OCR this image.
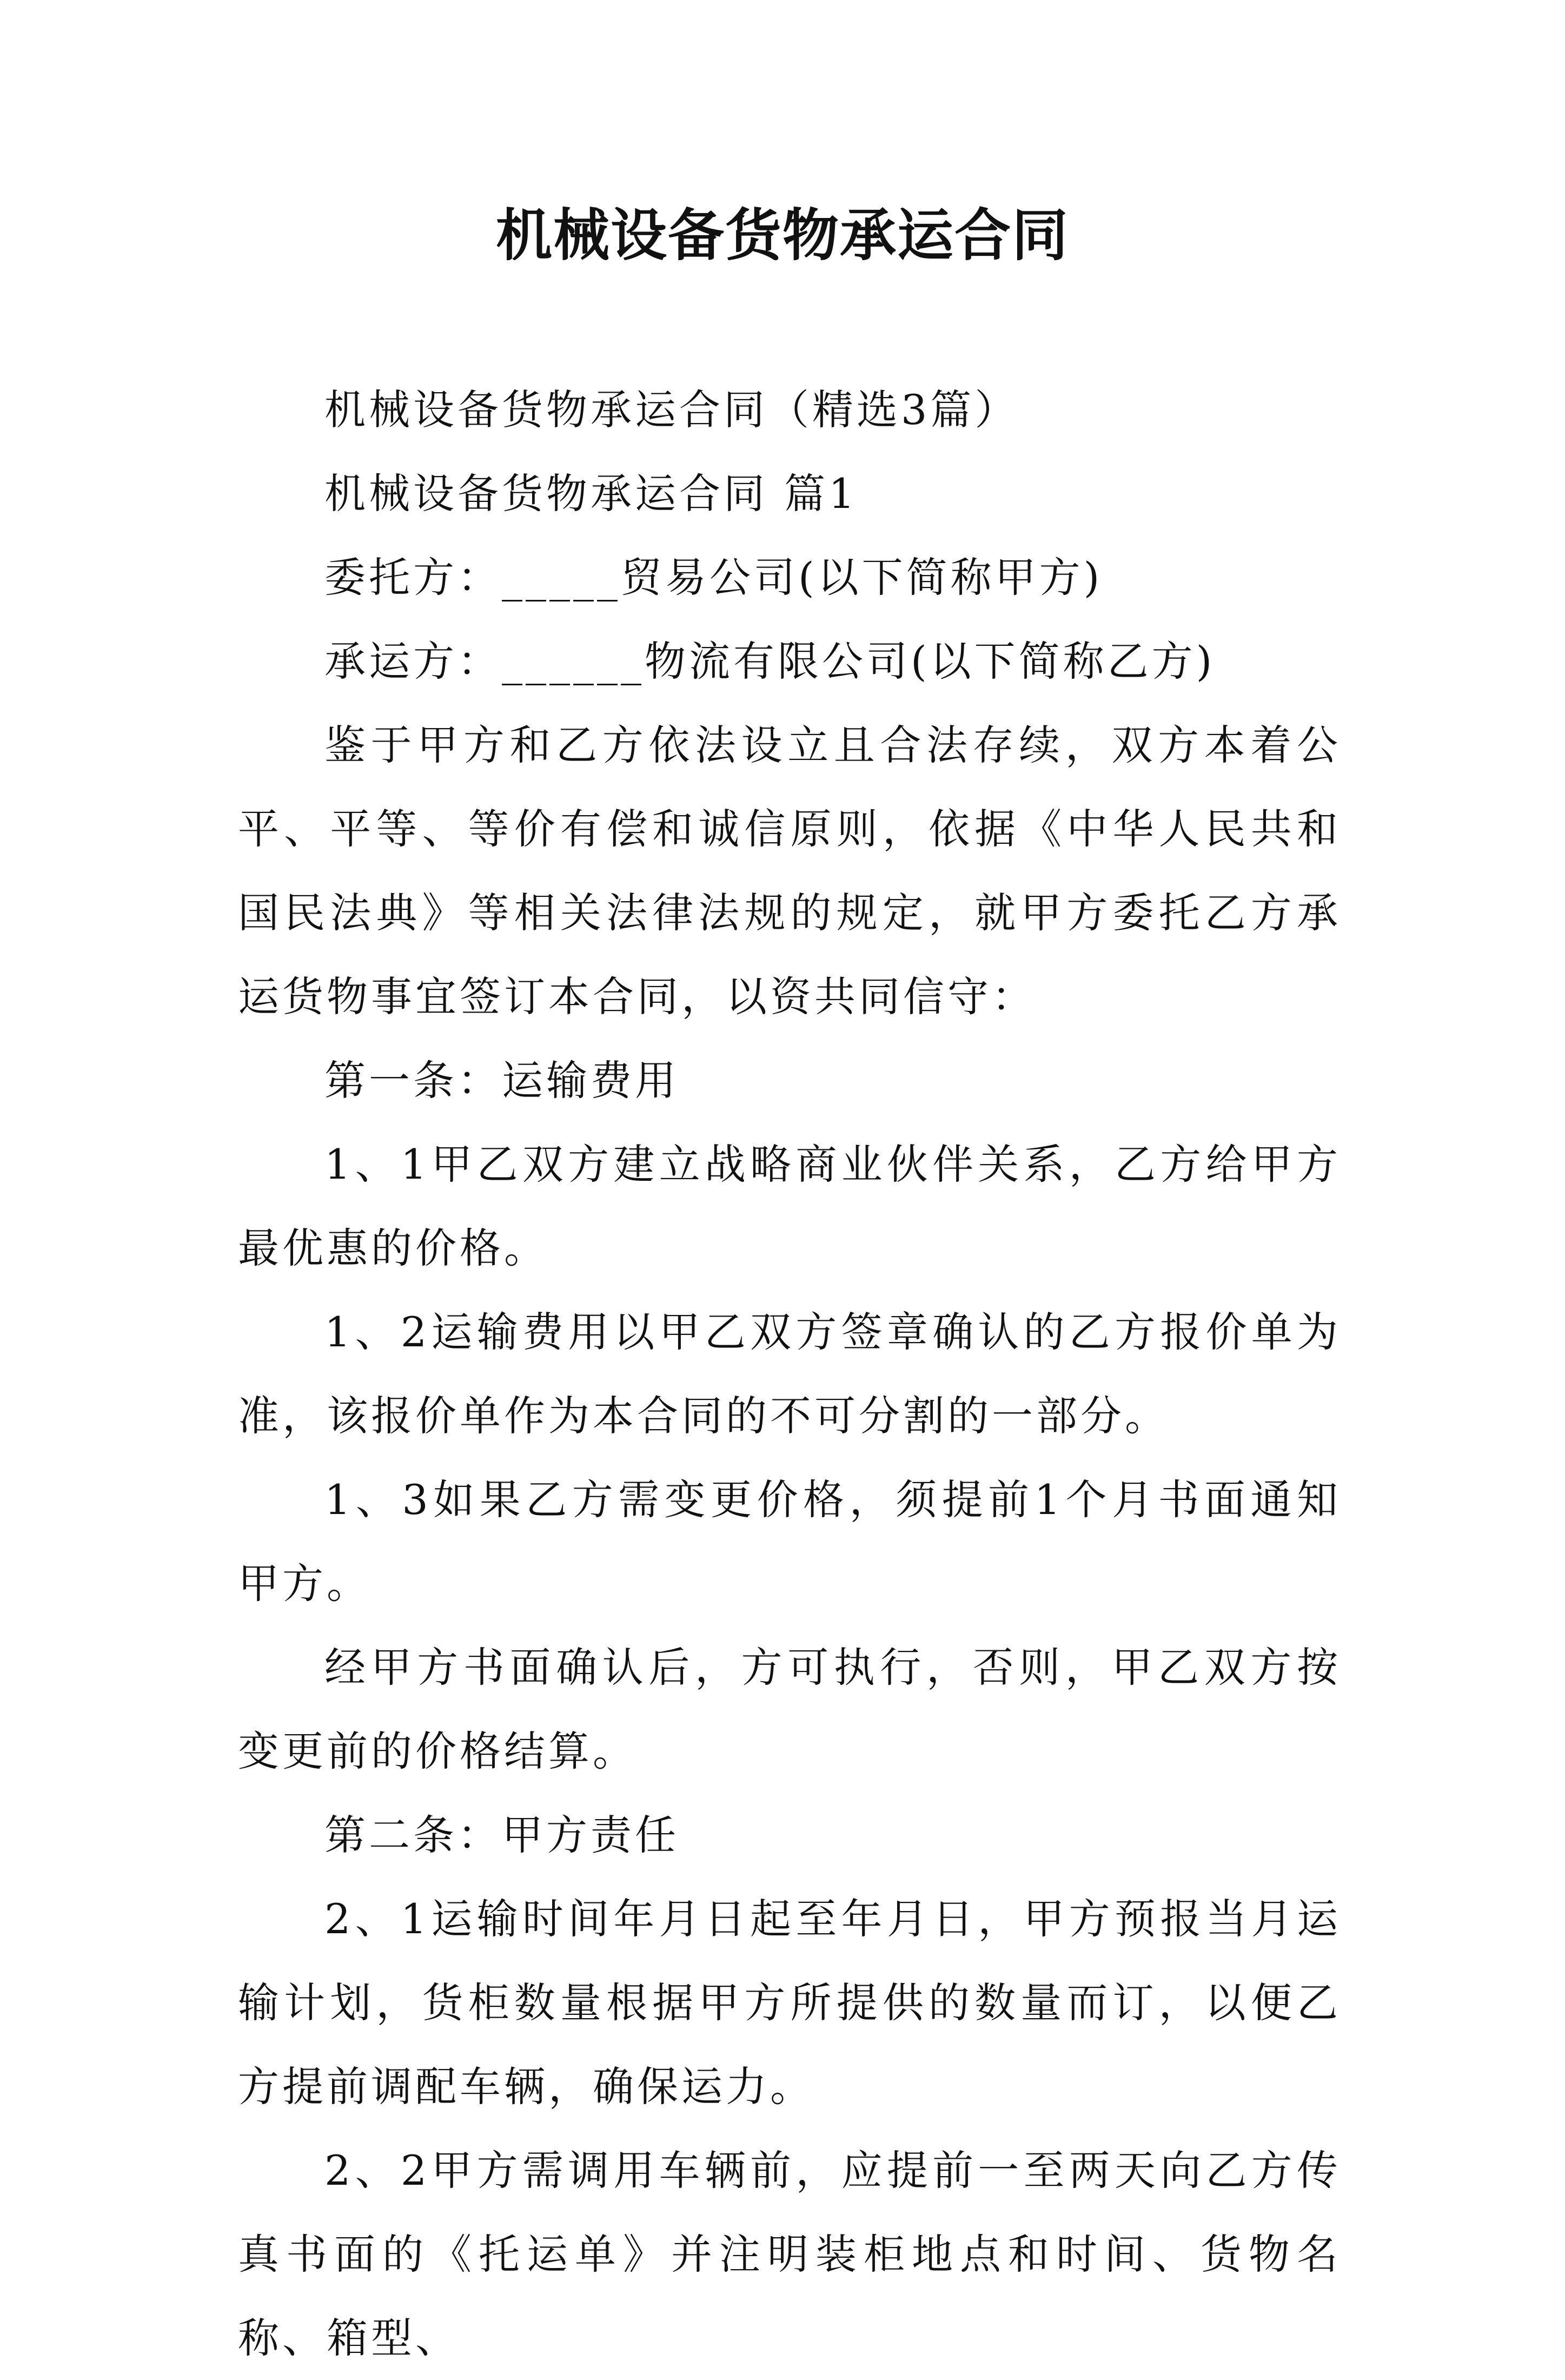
机械设备货物承运合同

机械设备货物承运合同（精选3篇）

机械设备货物承运合同 篇1

委托方：_____贸易公司(以下简称甲方)

承运方：______物流有限公司(以下简称乙方)

鉴于甲方和乙方依法设立且合法存续，双方本着公平、平等、等价有偿和诚信原则，依据《中华人民共和国民法典》等相关法律法规的规定，就甲方委托乙方承运货物事宜签订本合同，以资共同信守：

第一条：运输费用

1、1甲乙双方建立战略商业伙伴关系，乙方给甲方最优惠的价格。

1、2运输费用以甲乙双方签章确认的乙方报价单为准，该报价单作为本合同的不可分割的一部分。

1、3如果乙方需变更价格，须提前1个月书面通知甲方。

经甲方书面确认后，方可执行，否则，甲乙双方按变更前的价格结算。

第二条：甲方责任

2、1运输时间年月日起至年月日，甲方预报当月运输计划，货柜数量根据甲方所提供的数量而订，以便乙方提前调配车辆，确保运力。

2、2甲方需调用车辆前，应提前一至两天向乙方传真书面的《托运单》并注明装柜地点和时间、货物名称、箱型、
